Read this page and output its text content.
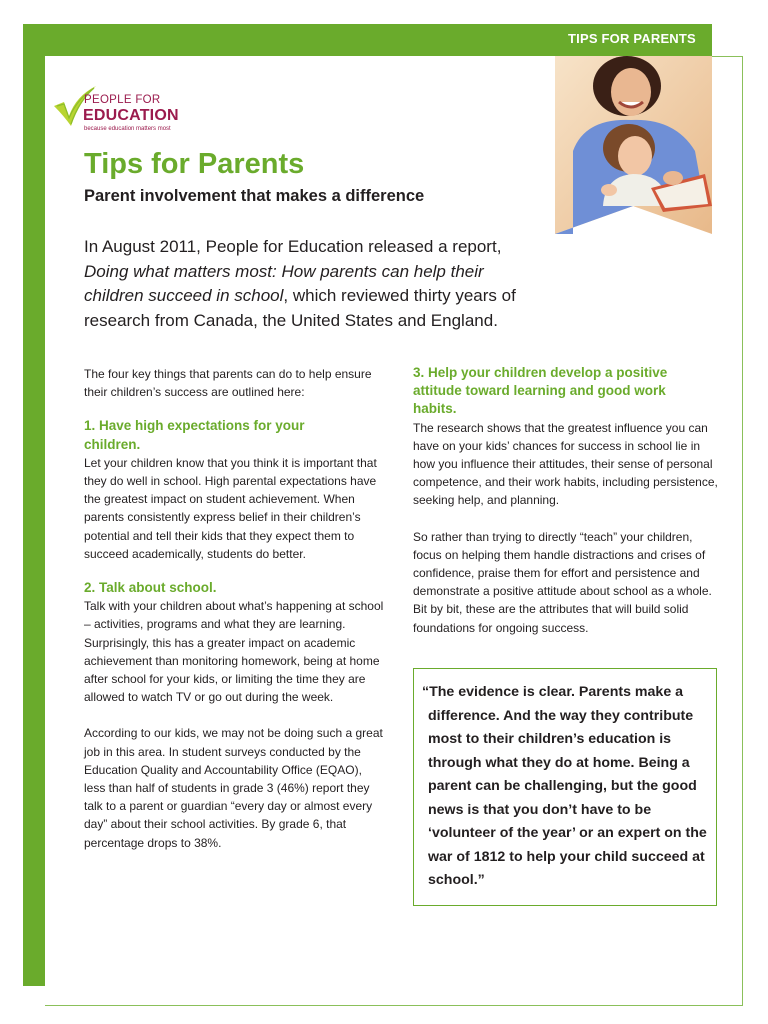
TIPS FOR PARENTS
PEOPLE FOR
EDUCATION
because education matters most
Tips for Parents
Parent involvement that makes a difference

In August 2011, People for Education released a report, Doing what matters most: How parents can help their children succeed in school, which reviewed thirty years of research from Canada, the United States and England.

The four key things that parents can do to help ensure their children’s success are outlined here:

1. Have high expectations for your children.

Let your children know that you think it is important that they do well in school. High parental expectations have the greatest impact on student achievement. When parents consistently express belief in their children’s potential and tell their kids that they expect them to succeed academically, students do better.

2. Talk about school.

Talk with your children about what’s happening at school – activities, programs and what they are learning. Surprisingly, this has a greater impact on academic achievement than monitoring homework, being at home after school for your kids, or limiting the time they are allowed to watch TV or go out during the week.

According to our kids, we may not be doing such a great job in this area. In student surveys conducted by the Education Quality and Accountability Office (EQAO), less than half of students in grade 3 (46%) report they talk to a parent or guardian “every day or almost every day” about their school activities. By grade 6, that percentage drops to 38%.

3. Help your children develop a positive attitude toward learning and good work habits.

The research shows that the greatest influence you can have on your kids’ chances for success in school lie in how you influence their attitudes, their sense of personal competence, and their work habits, including persistence, seeking help, and planning.

So rather than trying to directly “teach” your children, focus on helping them handle distractions and crises of confidence, praise them for effort and persistence and demonstrate a positive attitude about school as a whole. Bit by bit, these are the attributes that will build solid foundations for ongoing success.

“The evidence is clear. Parents make a difference. And the way they contribute most to their children’s education is through what they do at home. Being a parent can be challenging, but the good news is that you don’t have to be ‘volunteer of the year’ or an expert on the war of 1812 to help your child succeed at school.”
